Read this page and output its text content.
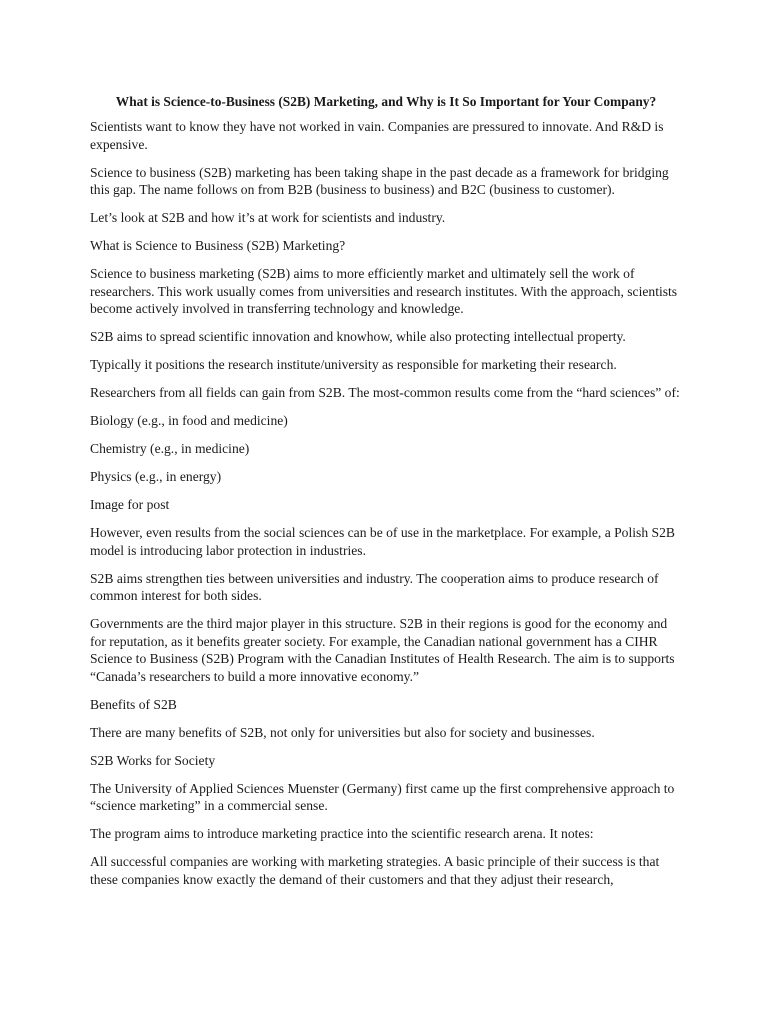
What is Science-to-Business (S2B) Marketing, and Why is It So Important for Your Company?

Scientists want to know they have not worked in vain. Companies are pressured to innovate. And R&D is expensive.

Science to business (S2B) marketing has been taking shape in the past decade as a framework for bridging this gap. The name follows on from B2B (business to business) and B2C (business to customer).

Let’s look at S2B and how it’s at work for scientists and industry.

What is Science to Business (S2B) Marketing?

Science to business marketing (S2B) aims to more efficiently market and ultimately sell the work of researchers. This work usually comes from universities and research institutes. With the approach, scientists become actively involved in transferring technology and knowledge.

S2B aims to spread scientific innovation and knowhow, while also protecting intellectual property.

Typically it positions the research institute/university as responsible for marketing their research.

Researchers from all fields can gain from S2B. The most-common results come from the “hard sciences” of:

Biology (e.g., in food and medicine)

Chemistry (e.g., in medicine)

Physics (e.g., in energy)

Image for post

However, even results from the social sciences can be of use in the marketplace. For example, a Polish S2B model is introducing labor protection in industries.

S2B aims strengthen ties between universities and industry. The cooperation aims to produce research of common interest for both sides.

Governments are the third major player in this structure. S2B in their regions is good for the economy and for reputation, as it benefits greater society. For example, the Canadian national government has a CIHR Science to Business (S2B) Program with the Canadian Institutes of Health Research. The aim is to supports “Canada’s researchers to build a more innovative economy.”

Benefits of S2B

There are many benefits of S2B, not only for universities but also for society and businesses.

S2B Works for Society

The University of Applied Sciences Muenster (Germany) first came up the first comprehensive approach to “science marketing” in a commercial sense.

The program aims to introduce marketing practice into the scientific research arena. It notes:

All successful companies are working with marketing strategies. A basic principle of their success is that these companies know exactly the demand of their customers and that they adjust their research,
